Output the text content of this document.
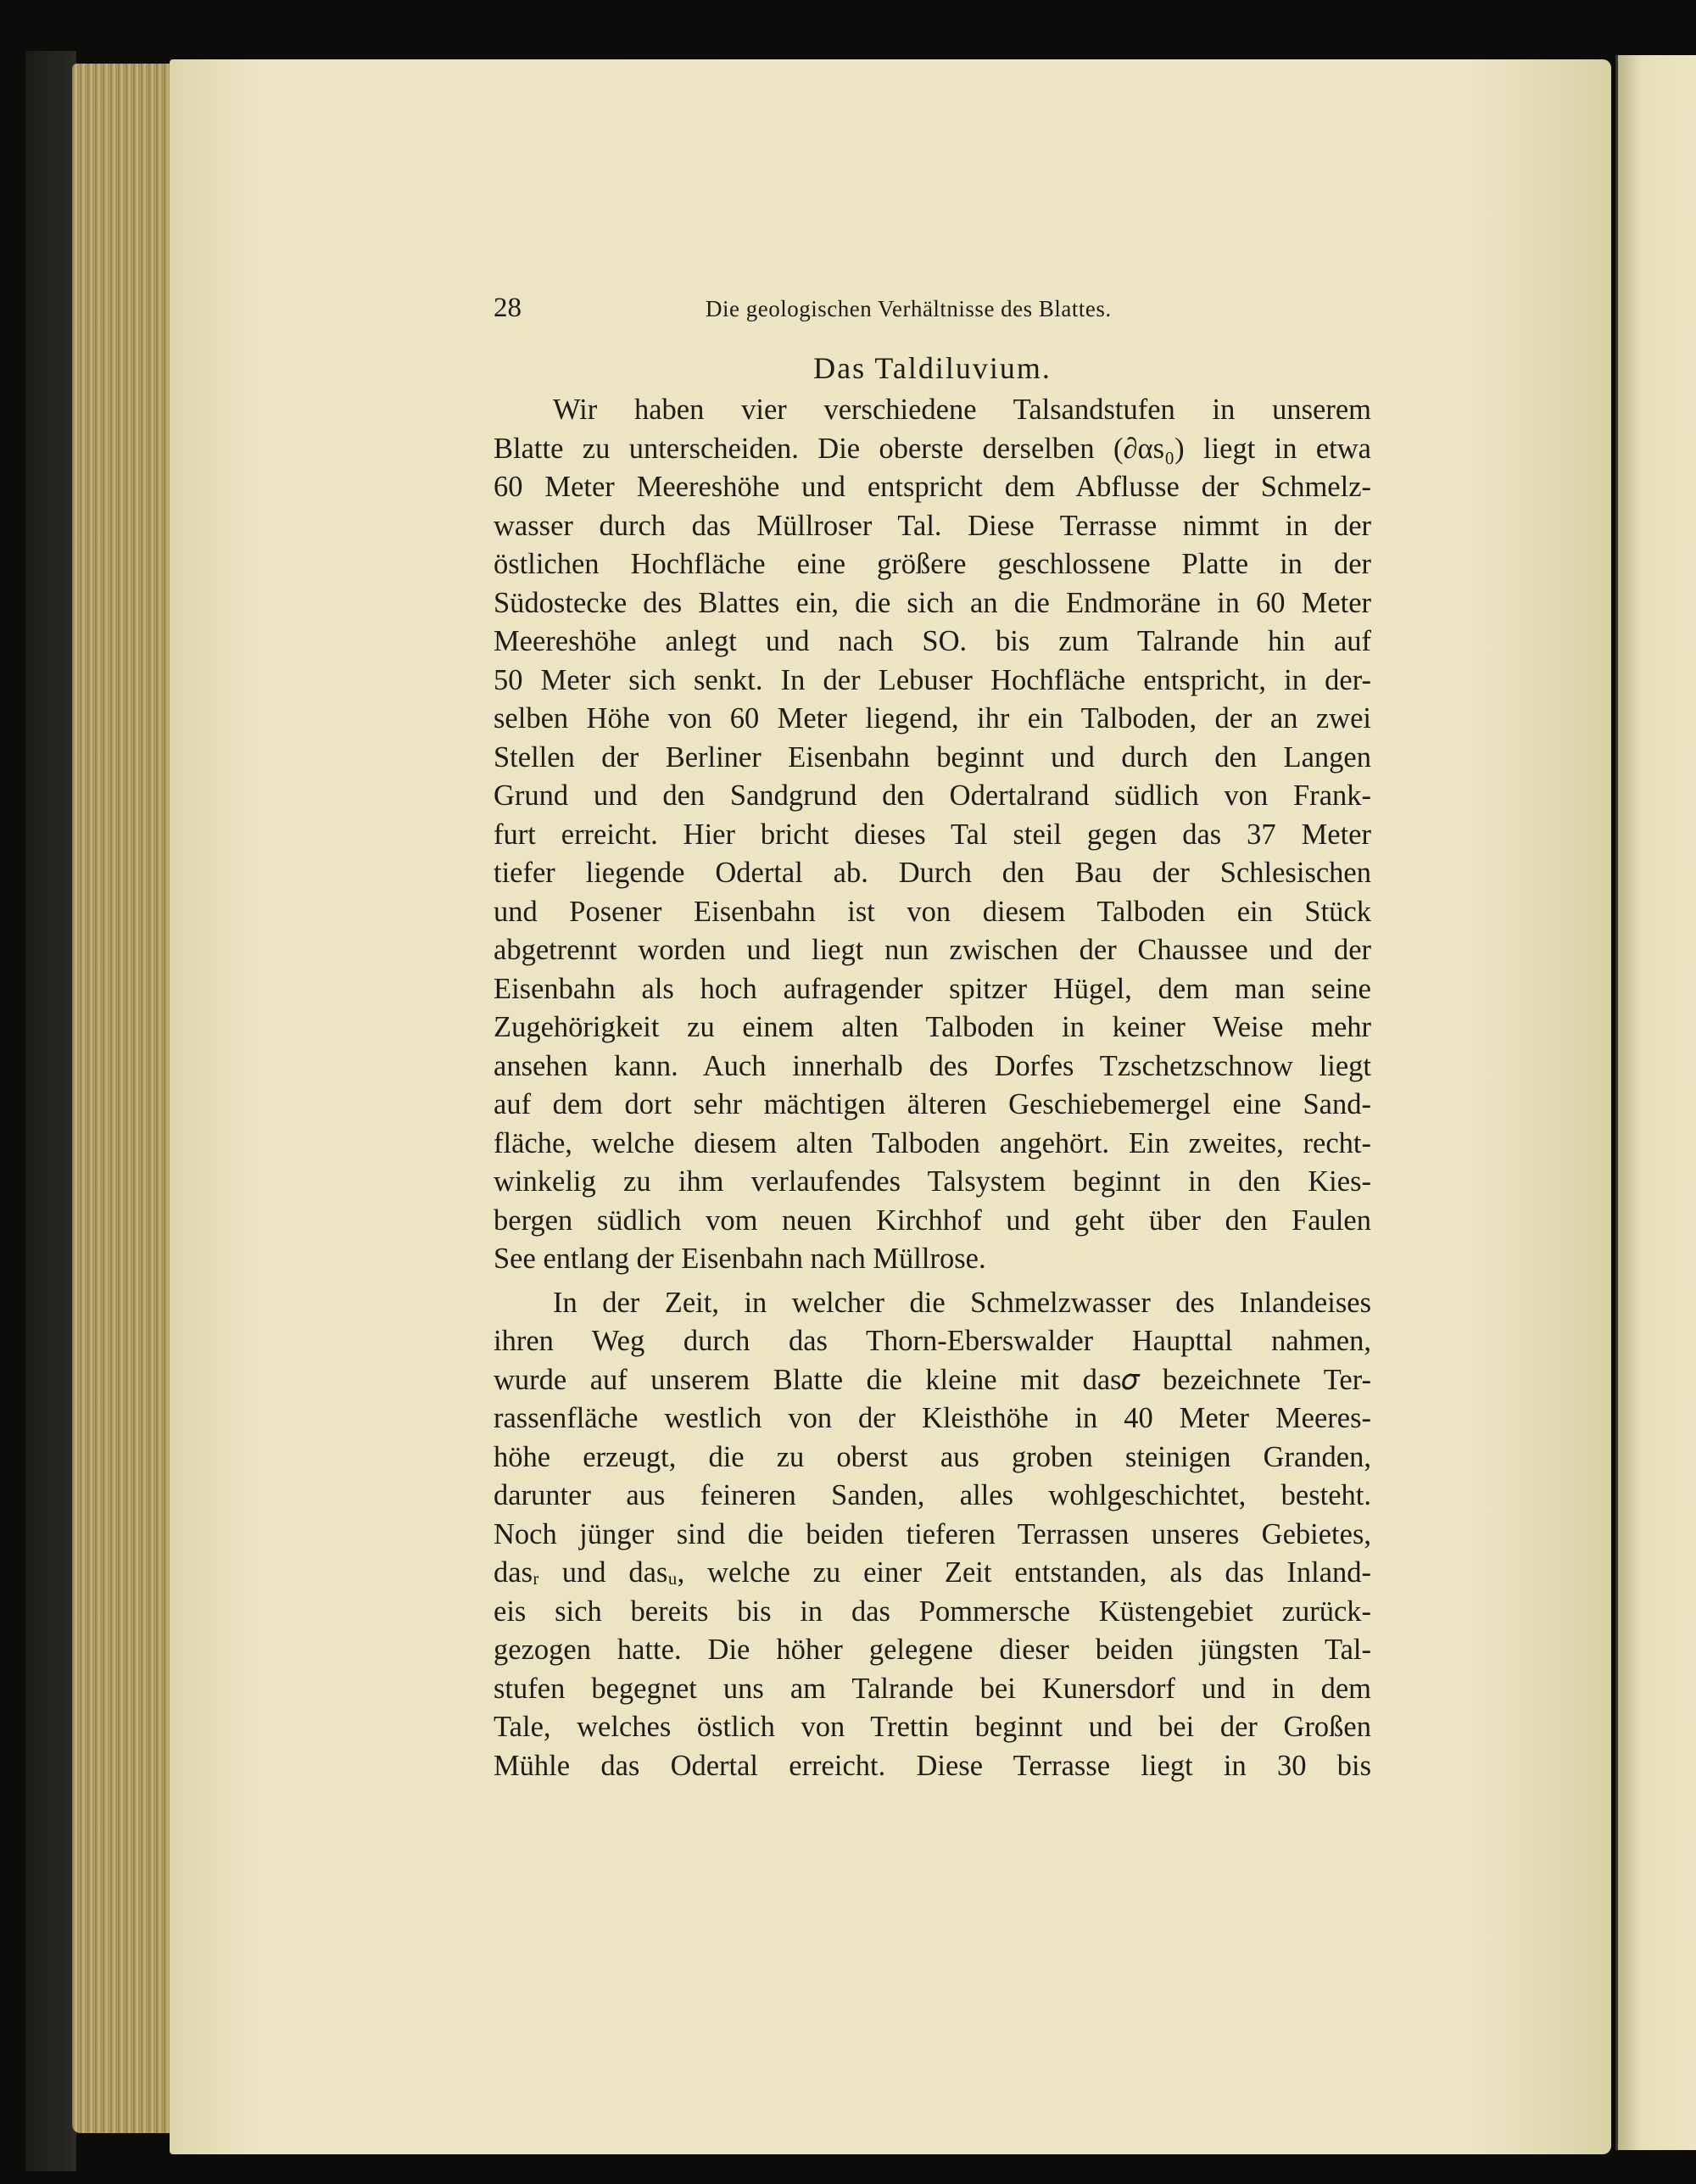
28	Die geologischen Verhältnisse des Blattes.
Das Taldiluvium.
Wir haben vier verschiedene Talsandstufen in unserem
Blatte zu unterscheiden. Die oberste derselben (∂αs₀) liegt in etwa
60 Meter Meereshöhe und entspricht dem Abflusse der Schmelz-
wasser durch das Müllroser Tal. Diese Terrasse nimmt in der
östlichen Hochfläche eine größere geschlossene Platte in der
Südostecke des Blattes ein, die sich an die Endmoräne in 60 Meter
Meereshöhe anlegt und nach SO. bis zum Talrande hin auf
50 Meter sich senkt. In der Lebuser Hochfläche entspricht, in der-
selben Höhe von 60 Meter liegend, ihr ein Talboden, der an zwei
Stellen der Berliner Eisenbahn beginnt und durch den Langen
Grund und den Sandgrund den Odertalrand südlich von Frank-
furt erreicht. Hier bricht dieses Tal steil gegen das 37 Meter
tiefer liegende Odertal ab. Durch den Bau der Schlesischen
und Posener Eisenbahn ist von diesem Talboden ein Stück
abgetrennt worden und liegt nun zwischen der Chaussee und der
Eisenbahn als hoch aufragender spitzer Hügel, dem man seine
Zugehörigkeit zu einem alten Talboden in keiner Weise mehr
ansehen kann. Auch innerhalb des Dorfes Tzschetzschnow liegt
auf dem dort sehr mächtigen älteren Geschiebemergel eine Sand-
fläche, welche diesem alten Talboden angehört. Ein zweites, recht-
winkelig zu ihm verlaufendes Talsystem beginnt in den Kies-
bergen südlich vom neuen Kirchhof und geht über den Faulen
See entlang der Eisenbahn nach Müllrose.
In der Zeit, in welcher die Schmelzwasser des Inlandeises
ihren Weg durch das Thorn-Eberswalder Haupttal nahmen,
wurde auf unserem Blatte die kleine mit das𝜎 bezeichnete Ter-
rassenfläche westlich von der Kleisthöhe in 40 Meter Meeres-
höhe erzeugt, die zu oberst aus groben steinigen Granden,
darunter aus feineren Sanden, alles wohlgeschichtet, besteht.
Noch jünger sind die beiden tieferen Terrassen unseres Gebietes,
dasᵣ und dasᵤ, welche zu einer Zeit entstanden, als das Inland-
eis sich bereits bis in das Pommersche Küstengebiet zurück-
gezogen hatte. Die höher gelegene dieser beiden jüngsten Tal-
stufen begegnet uns am Talrande bei Kunersdorf und in dem
Tale, welches östlich von Trettin beginnt und bei der Großen
Mühle das Odertal erreicht. Diese Terrasse liegt in 30 bis
